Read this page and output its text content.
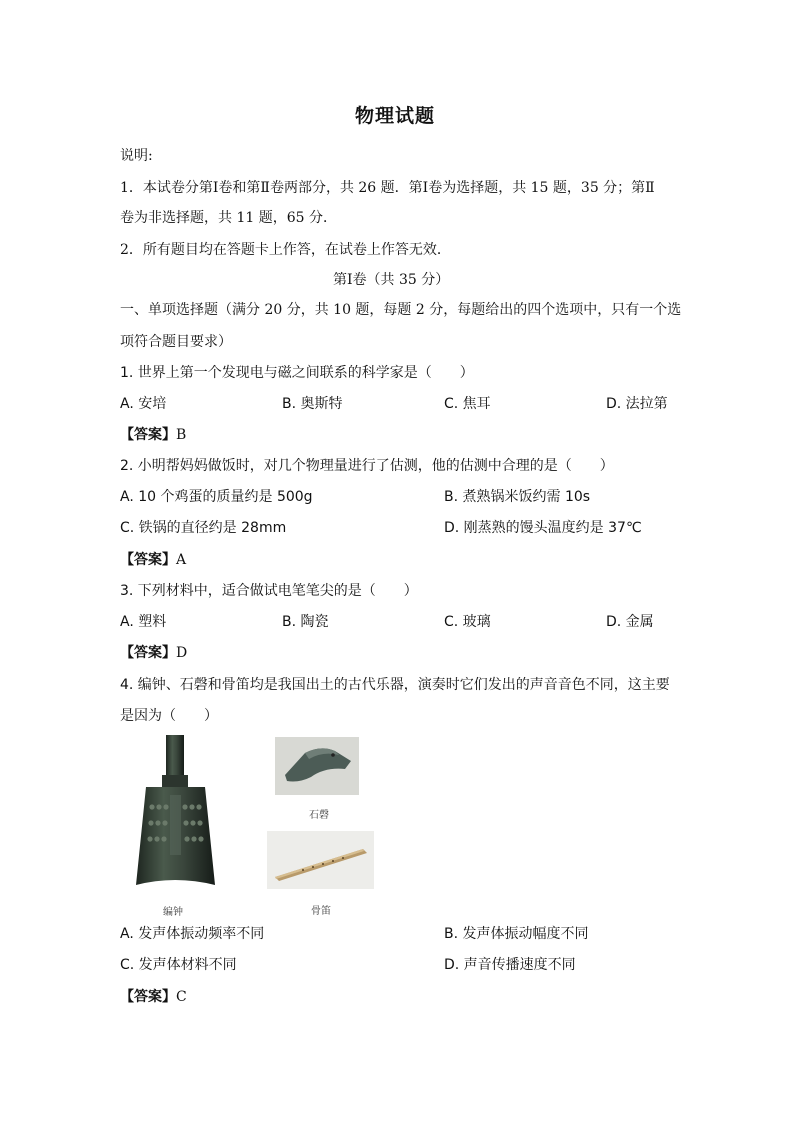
物理试题
说明:
1．本试卷分第Ⅰ卷和第Ⅱ卷两部分，共 26 题．第Ⅰ卷为选择题，共 15 题，35 分；第Ⅱ
卷为非选择题，共 11 题，65 分．
2．所有题目均在答题卡上作答，在试卷上作答无效．
第Ⅰ卷（共 35 分）
一、单项选择题（满分 20 分，共 10 题，每题 2 分，每题给出的四个选项中，只有一个选
项符合题目要求）
1. 世界上第一个发现电与磁之间联系的科学家是（　　）
A. 安培	B. 奥斯特	C. 焦耳	D. 法拉第
【答案】B
2. 小明帮妈妈做饭时，对几个物理量进行了估测，他的估测中合理的是（　　）
A. 10 个鸡蛋的质量约是 500g	B. 煮熟锅米饭约需 10s
C. 铁锅的直径约是 28mm	D. 刚蒸熟的馒头温度约是 37℃
【答案】A
3. 下列材料中，适合做试电笔笔尖的是（　　）
A. 塑料	B. 陶瓷	C. 玻璃	D. 金属
【答案】D
4. 编钟、石磬和骨笛均是我国出土的古代乐器，演奏时它们发出的声音音色不同，这主要
是因为（　　）
编钟
石磬
骨笛
A. 发声体振动频率不同	B. 发声体振动幅度不同
C. 发声体材料不同	D. 声音传播速度不同
【答案】C
